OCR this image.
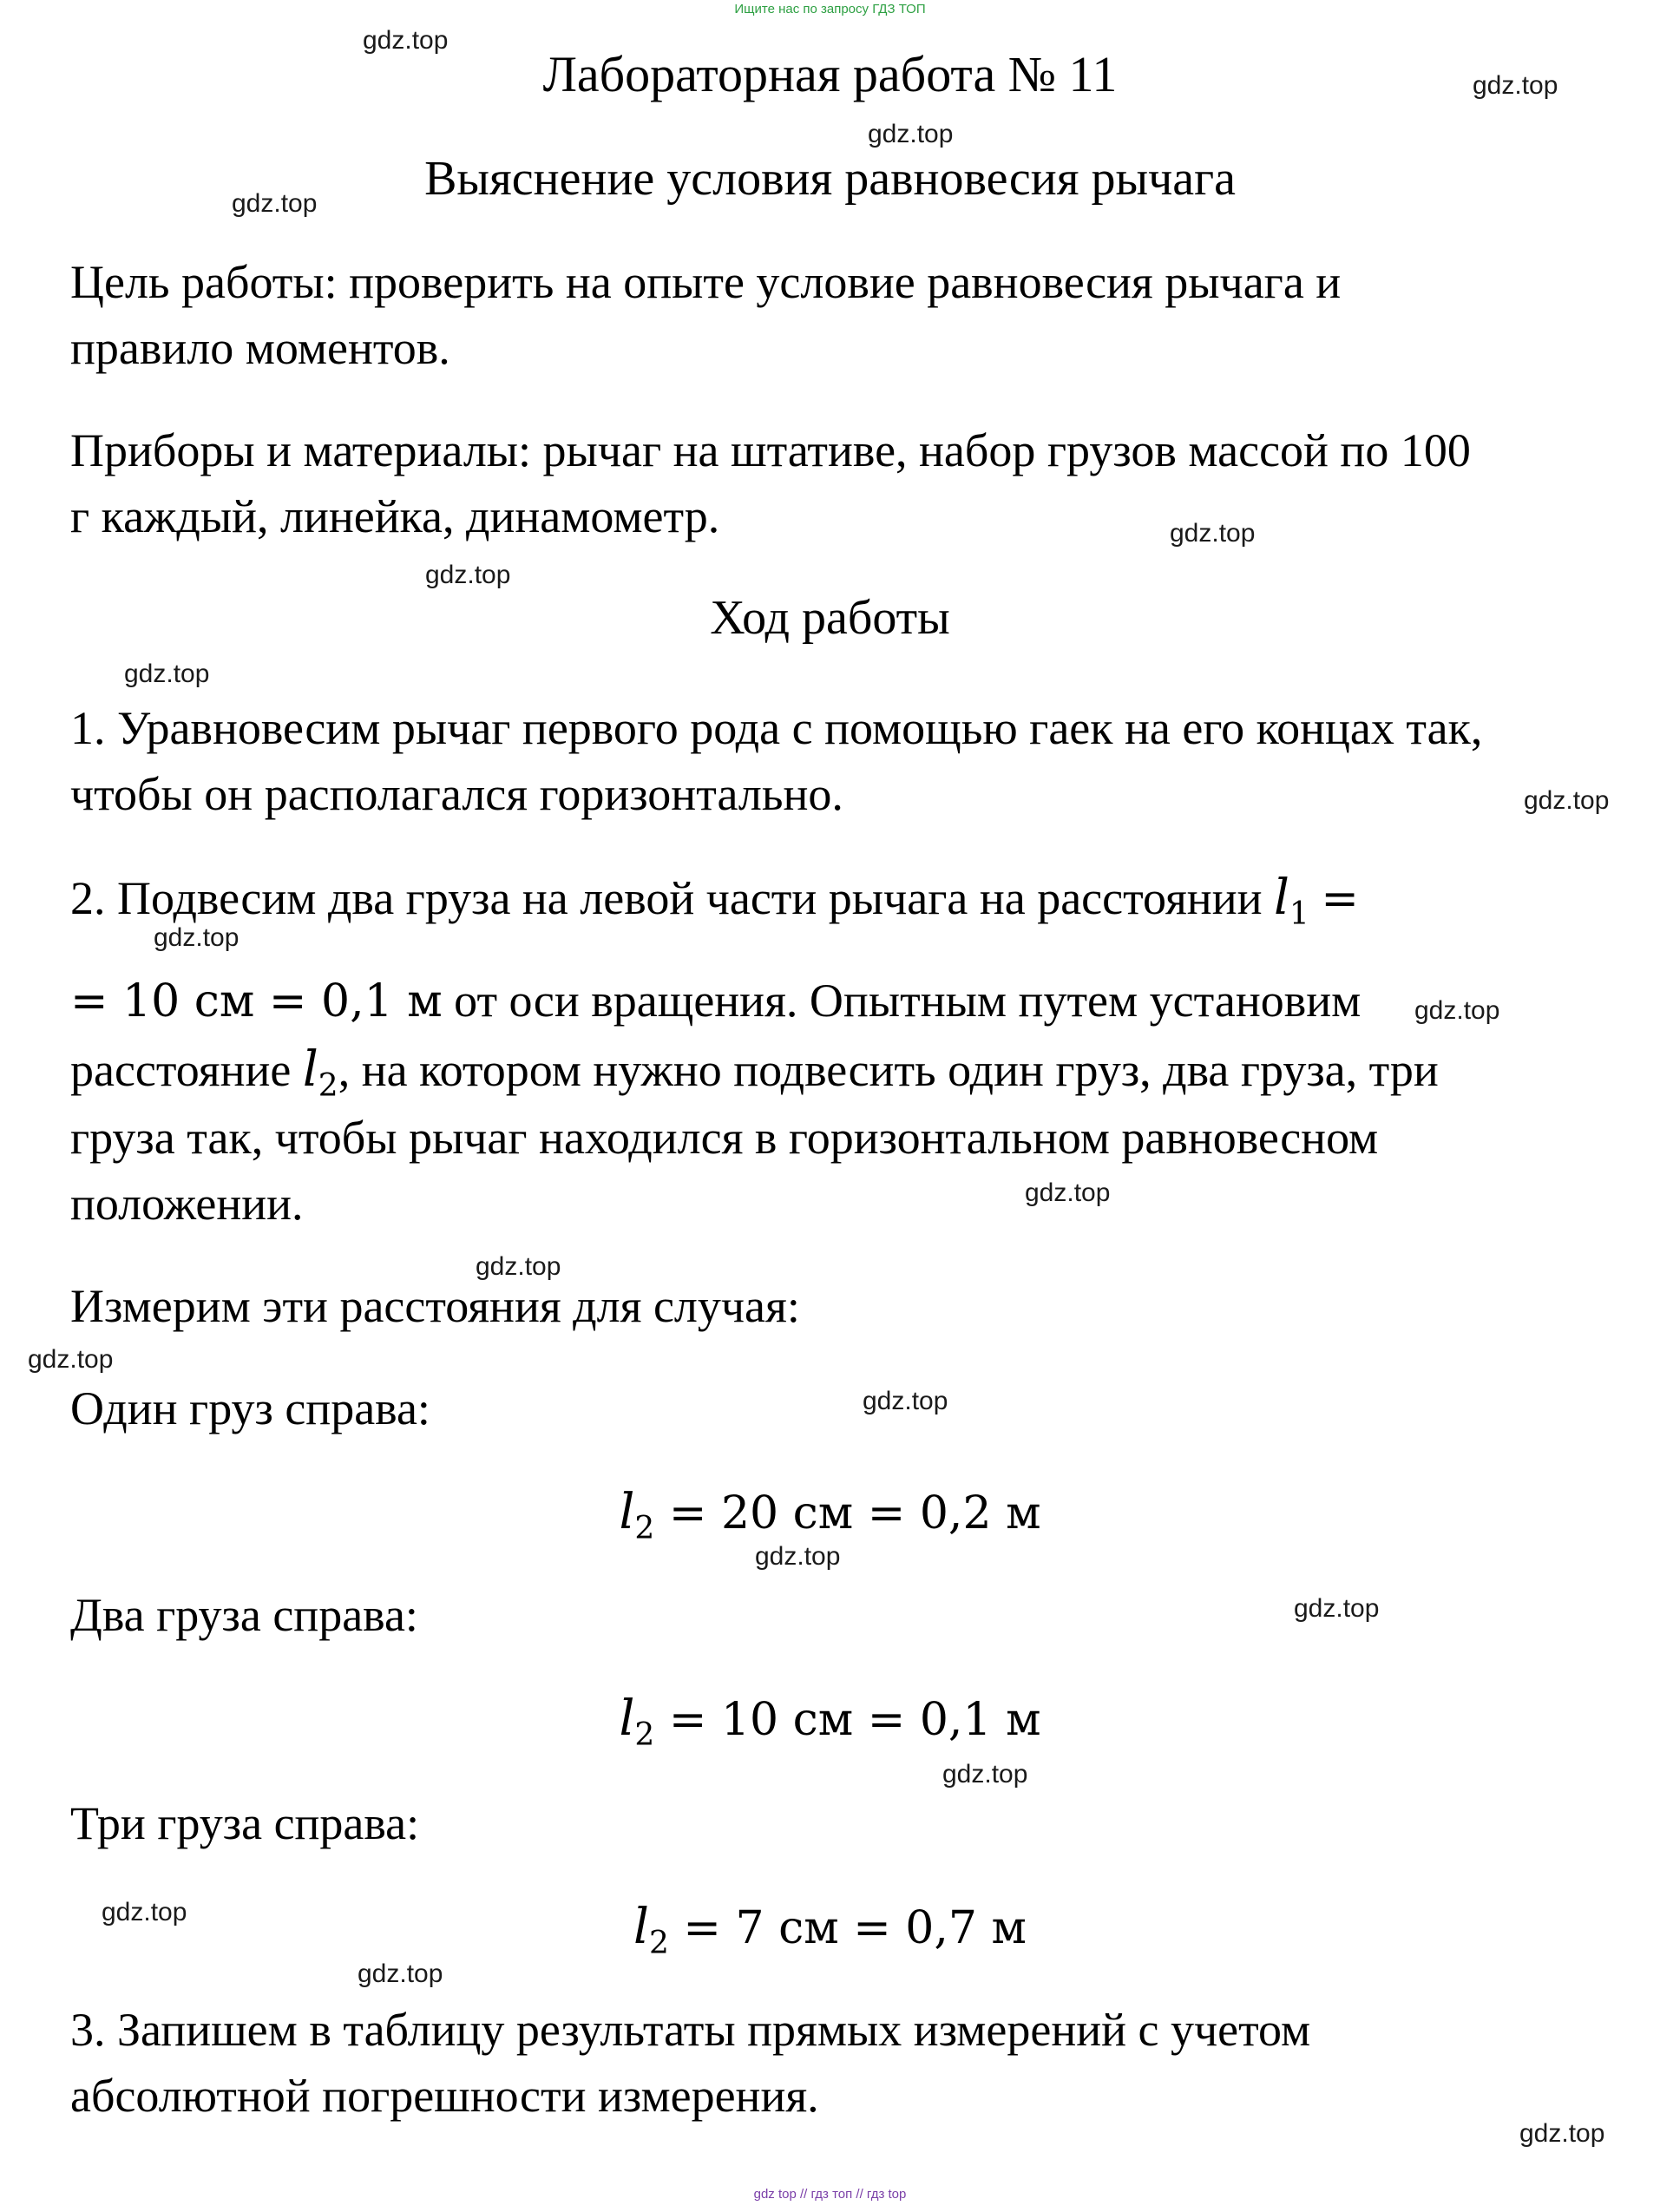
Ищите нас по запросу ГДЗ ТОП
gdz top // гдз топ // гдз top
gdz.top
gdz.top
gdz.top
gdz.top
gdz.top
gdz.top
gdz.top
gdz.top
gdz.top
gdz.top
gdz.top
gdz.top
gdz.top
gdz.top
gdz.top
gdz.top
gdz.top
gdz.top
gdz.top
gdz.top
Лабораторная работа № 11
Выяснение условия равновесия рычага
Цель работы: проверить на опыте условие равновесия рычага и
правило моментов.
Приборы и материалы: рычаг на штативе, набор грузов массой по 100
г каждый, линейка, динамометр.
Ход работы
1. Уравновесим рычаг первого рода с помощью гаек на его концах так,
чтобы он располагался горизонтально.
2. Подвесим два груза на левой части рычага на расстоянии $l_1$ =
= 10 см = 0,1 м от оси вращения. Опытным путем установим
расстояние $l_2$, на котором нужно подвесить один груз, два груза, три
груза так, чтобы рычаг находился в горизонтальном равновесном
положении.
Измерим эти расстояния для случая:
Один груз справа:
$l_2 = 20$ см = 0,2 м
Два груза справа:
$l_2 = 10$ см = 0,1 м
Три груза справа:
$l_2 = 7$ см = 0,7 м
3. Запишем в таблицу результаты прямых измерений с учетом
абсолютной погрешности измерения.
